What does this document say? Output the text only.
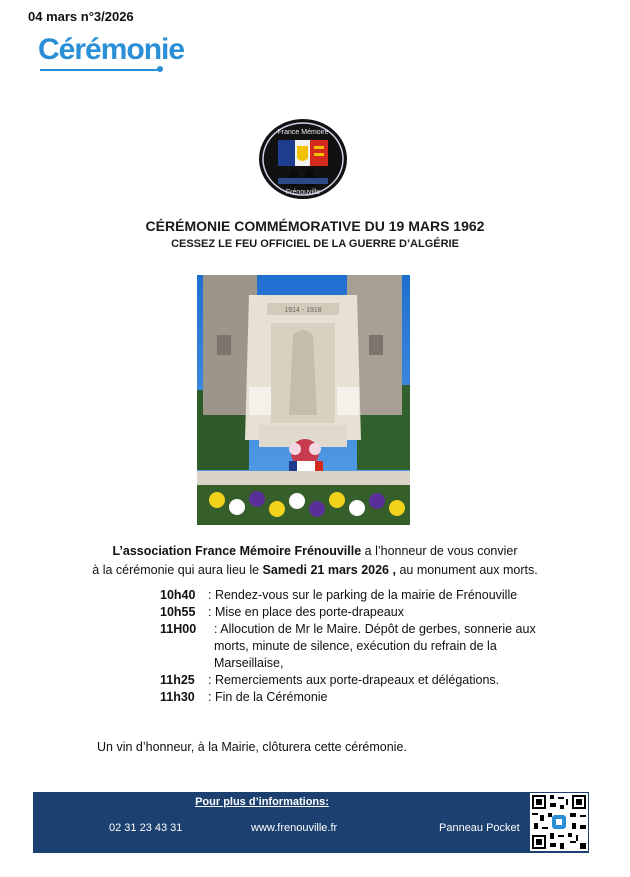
04 mars n°3/2026
Cérémonie
France Mémoire
Frénouville
CÉRÉMONIE COMMÉMORATIVE DU 19 MARS 1962
CESSEZ LE FEU OFFICIEL DE LA GUERRE D’ALGÉRIE
1914 - 1918
L’association France Mémoire Frénouville a l’honneur de vous convier
à la cérémonie qui aura lieu le Samedi 21 mars 2026 , au monument aux morts.
10h40 : Rendez-vous sur le parking de la mairie de Frénouville
10h55 : Mise en place des porte-drapeaux
11H00	: Allocution de Mr le Maire. Dépôt de gerbes, sonnerie aux morts, minute de silence, exécution du refrain de la Marseillaise,
11h25 : Remerciements aux porte-drapeaux et délégations.
11h30 : Fin de la Cérémonie
Un vin d’honneur, à la Mairie, clôturera cette cérémonie.
Pour plus d’informations:
02 31 23 43 31	www.frenouville.fr	Panneau Pocket
